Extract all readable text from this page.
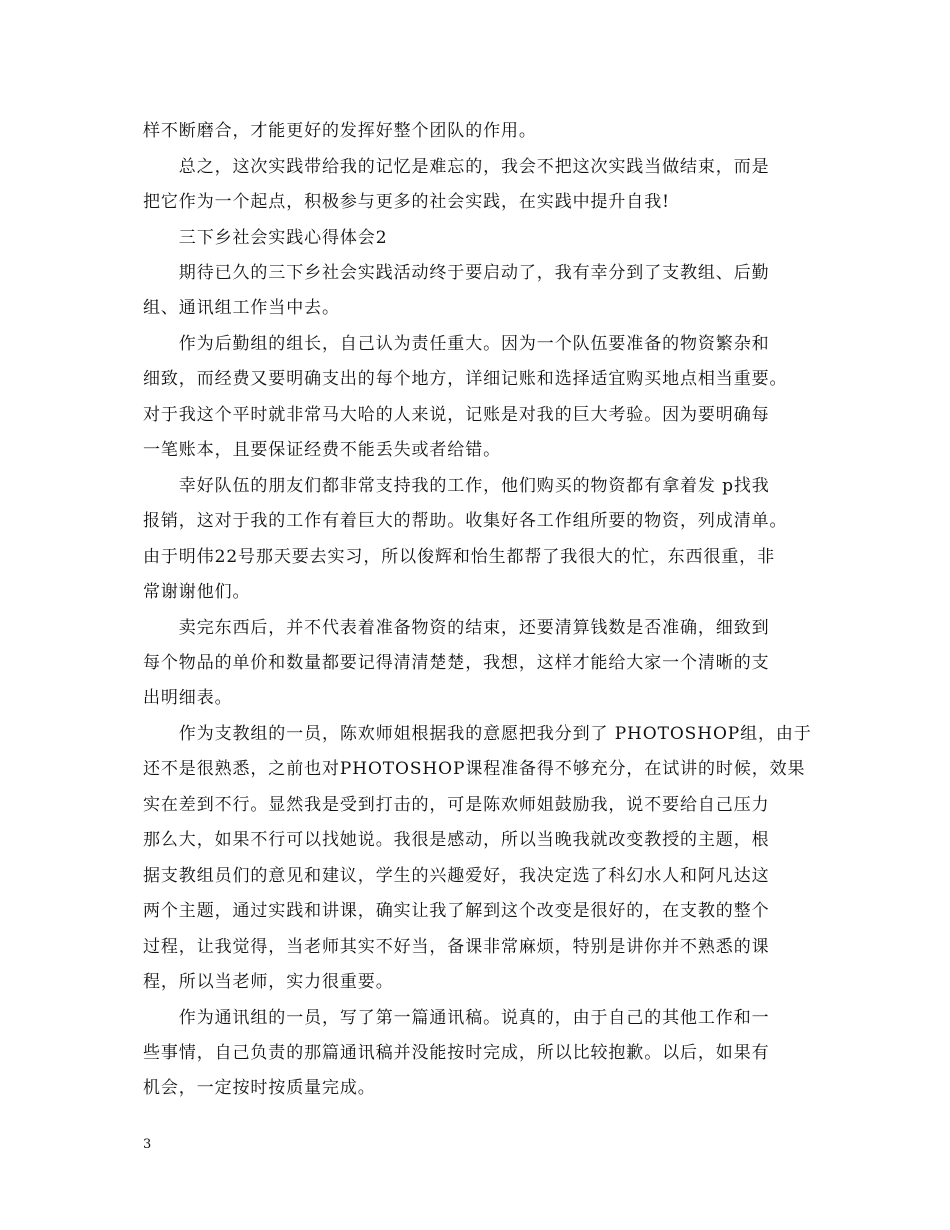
样不断磨合，才能更好的发挥好整个团队的作用。
　　总之，这次实践带给我的记忆是难忘的，我会不把这次实践当做结束，而是
把它作为一个起点，积极参与更多的社会实践，在实践中提升自我!
　　三下乡社会实践心得体会2
　　期待已久的三下乡社会实践活动终于要启动了，我有幸分到了支教组、后勤
组、通讯组工作当中去。
　　作为后勤组的组长，自己认为责任重大。因为一个队伍要准备的物资繁杂和
细致，而经费又要明确支出的每个地方，详细记账和选择适宜购买地点相当重要。
对于我这个平时就非常马大哈的人来说，记账是对我的巨大考验。因为要明确每
一笔账本，且要保证经费不能丢失或者给错。
　　幸好队伍的朋友们都非常支持我的工作，他们购买的物资都有拿着发 p找我
报销，这对于我的工作有着巨大的帮助。收集好各工作组所要的物资，列成清单。
由于明伟22号那天要去实习，所以俊辉和怡生都帮了我很大的忙，东西很重，非
常谢谢他们。
　　卖完东西后，并不代表着准备物资的结束，还要清算钱数是否准确，细致到
每个物品的单价和数量都要记得清清楚楚，我想，这样才能给大家一个清晰的支
出明细表。
　　作为支教组的一员，陈欢师姐根据我的意愿把我分到了 PHOTOSHOP组，由于
还不是很熟悉，之前也对PHOTOSHOP课程准备得不够充分，在试讲的时候，效果
实在差到不行。显然我是受到打击的，可是陈欢师姐鼓励我，说不要给自己压力
那么大，如果不行可以找她说。我很是感动，所以当晚我就改变教授的主题，根
据支教组员们的意见和建议，学生的兴趣爱好，我决定选了科幻水人和阿凡达这
两个主题，通过实践和讲课，确实让我了解到这个改变是很好的，在支教的整个
过程，让我觉得，当老师其实不好当，备课非常麻烦，特别是讲你并不熟悉的课
程，所以当老师，实力很重要。
　　作为通讯组的一员，写了第一篇通讯稿。说真的，由于自己的其他工作和一
些事情，自己负责的那篇通讯稿并没能按时完成，所以比较抱歉。以后，如果有
机会，一定按时按质量完成。
3
